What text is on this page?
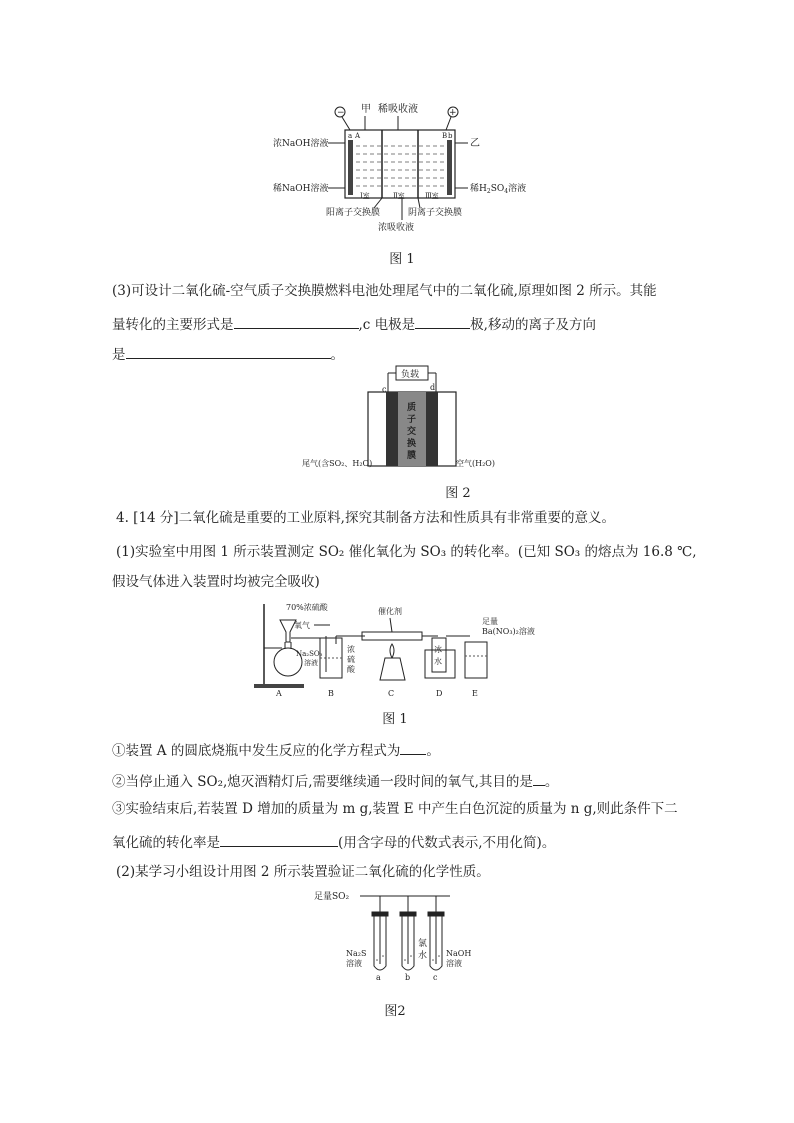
−	+
甲 稀吸收液
a A	B b
浓NaOH溶液
稀NaOH溶液
乙
稀$H_2SO_4$溶液
Ⅰ室	Ⅱ室	Ⅲ室
阳离子交换膜	阴离子交换膜
浓吸收液
图 1
(3)可设计二氧化硫-空气质子交换膜燃料电池处理尾气中的二氧化硫,原理如图 2 所示。其能
量转化的主要形式是	,c 电极是	极,移动的离子及方向
是	。
负载
c	d
质
子
交
换
膜
尾气(含SO₂、H₂O)	空气(H₂O)
图 2
4. [14 分]二氧化硫是重要的工业原料,探究其制备方法和性质具有非常重要的意义。
(1)实验室中用图 1 所示装置测定 SO₂ 催化氧化为 SO₃ 的转化率。(已知 SO₃ 的熔点为 16.8 ℃,
假设气体进入装置时均被完全吸收)
70%浓硫酸
氧气
Na₂SO₃
溶液
浓
硫
酸
催化剂
冰
水
足量
Ba(NO₃)₂溶液
A	B	C	D	E
图 1
①装置 A 的圆底烧瓶中发生反应的化学方程式为 。
②当停止通入 SO₂,熄灭酒精灯后,需要继续通一段时间的氧气,其目的是 。
③实验结束后,若装置 D 增加的质量为 m g,装置 E 中产生白色沉淀的质量为 n g,则此条件下二
氧化硫的转化率是	(用含字母的代数式表示,不用化简)。
(2)某学习小组设计用图 2 所示装置验证二氧化硫的化学性质。
足量SO₂
Na₂S
溶液
氯
水 NaOH
溶液
a	b	c
图2
